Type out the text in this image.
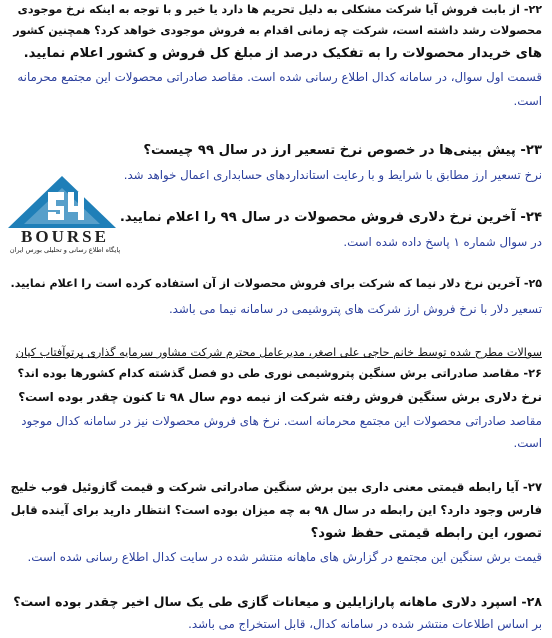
BOURSE
پایگاه اطلاع رسانی و تحلیلی بورس ایران
۲۲- از بابت فروش آیا شرکت مشکلی به دلیل تحریم ها دارد یا خیر و با توجه به اینکه نرخ موجودی
محصولات رشد داشته است، شرکت چه زمانی اقدام به فروش موجودی خواهد کرد؟ همچنین کشور
های خریدار محصولات را به تفکیک درصد از مبلغ کل فروش و کشور اعلام نمایید.
قسمت اول سوال، در سامانه کدال اطلاع رسانی شده است. مقاصد صادراتی محصولات این مجتمع محرمانه
است.
۲۳- پیش بینی‌ها در خصوص نرخ تسعیر ارز در سال ۹۹ چیست؟
نرخ تسعیر ارز مطابق با شرایط و با رعایت استانداردهای حسابداری اعمال خواهد شد.
۲۴- آخرین نرخ دلاری فروش محصولات در سال ۹۹ را اعلام نمایید.
در سوال شماره ۱ پاسخ داده شده است.
۲۵- آخرین نرخ دلار نیما که شرکت برای فروش محصولات از آن استفاده کرده است را اعلام نمایید.
تسعیر دلار با نرخ فروش ارز شرکت های پتروشیمی در سامانه نیما می باشد.
سوالات مطرح شده توسط خانم حاجی علی اصغر، مدیرعامل محترم شرکت مشاور سرمایه گذاری پرتوآفتاب کیان
۲۶- مقاصد صادراتی برش سنگین پتروشیمی نوری طی دو فصل گذشته کدام کشورها بوده اند؟
نرخ دلاری برش سنگین فروش رفته شرکت از نیمه دوم سال ۹۸ تا کنون چقدر بوده است؟
مقاصد صادراتی محصولات این مجتمع محرمانه است. نرخ های فروش محصولات نیز در سامانه کدال موجود
است.
۲۷- آیا رابطه قیمتی معنی داری بین برش سنگین صادراتی شرکت و قیمت گازوئیل فوب خلیج
فارس وجود دارد؟ این رابطه در سال ۹۸ به چه میزان بوده است؟ انتظار دارید برای آینده قابل
تصور، این رابطه قیمتی حفظ شود؟
قیمت برش سنگین این مجتمع در گزارش های ماهانه منتشر شده در سایت کدال اطلاع رسانی شده است.
۲۸- اسپرد دلاری ماهانه پارازایلین و میعانات گازی طی یک سال اخیر چقدر بوده است؟
بر اساس اطلاعات منتشر شده در سامانه کدال، قابل استخراج می باشد.
